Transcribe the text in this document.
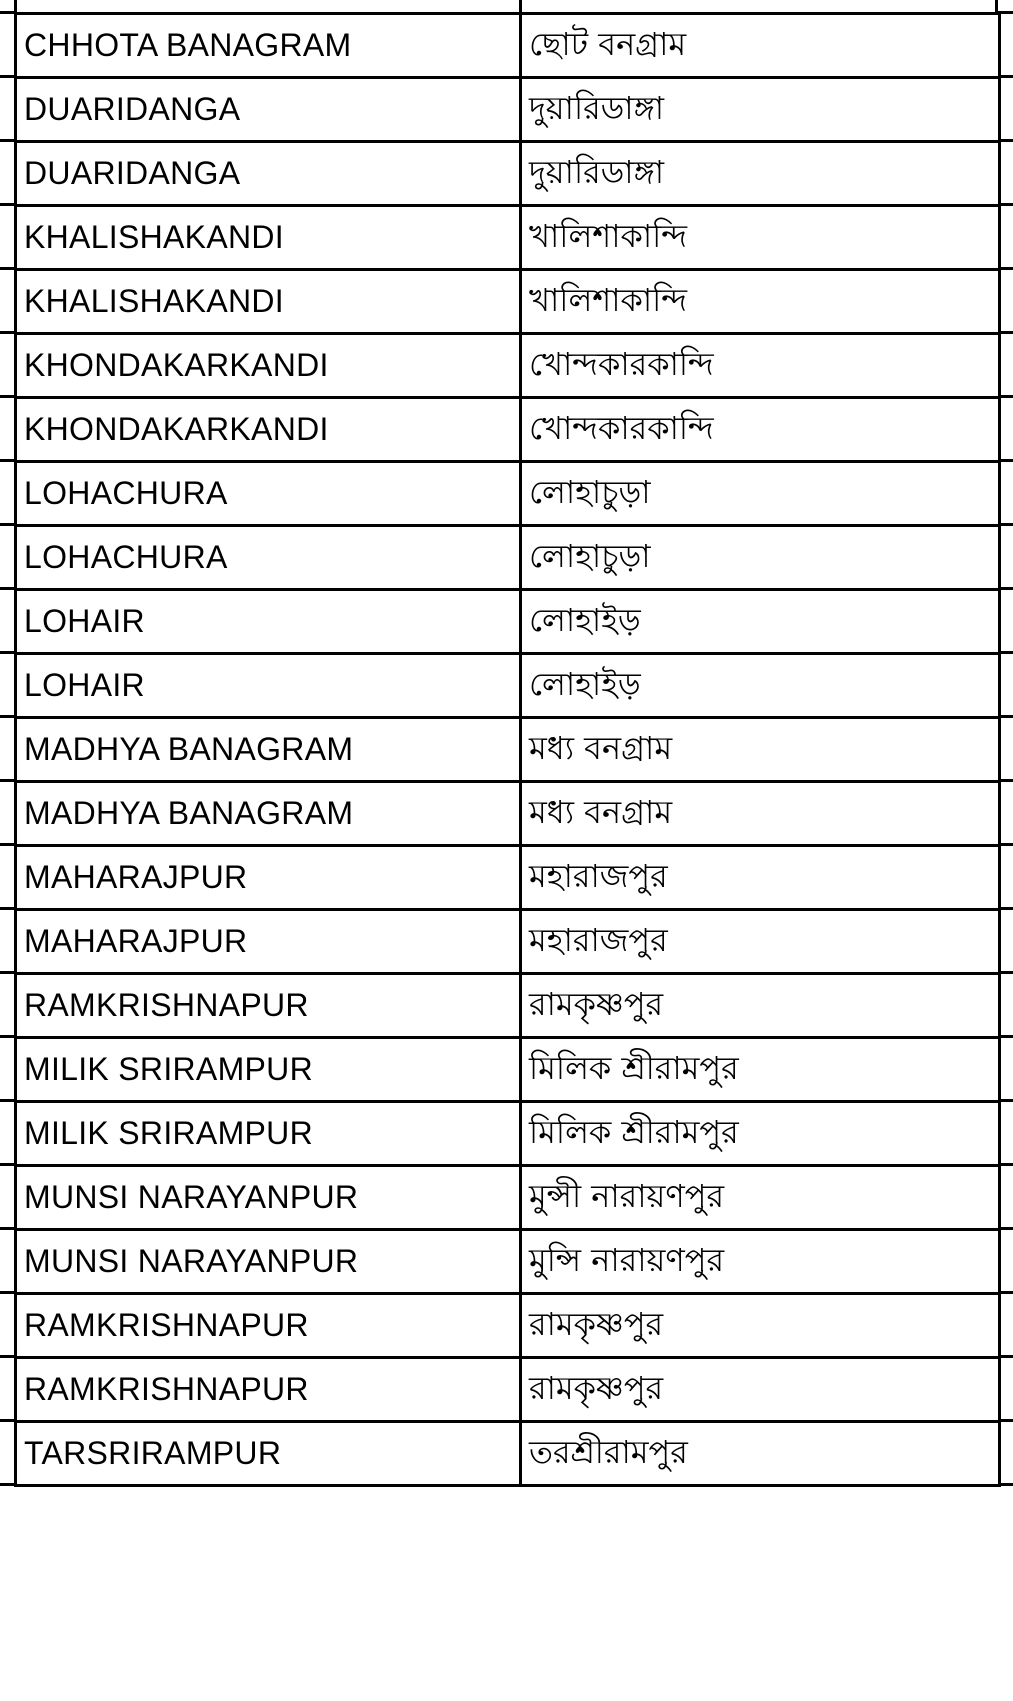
CHHOTA BANAGRAM	ছোট বনগ্রাম
DUARIDANGA	দুয়ারিডাঙ্গা
DUARIDANGA	দুয়ারিডাঙ্গা
KHALISHAKANDI	খালিশাকান্দি
KHALISHAKANDI	খালিশাকান্দি
KHONDAKARKANDI	খোন্দকারকান্দি
KHONDAKARKANDI	খোন্দকারকান্দি
LOHACHURA	লোহাচুড়া
LOHACHURA	লোহাচুড়া
LOHAIR	লোহাইড়
LOHAIR	লোহাইড়
MADHYA BANAGRAM	মধ্য বনগ্রাম
MADHYA BANAGRAM	মধ্য বনগ্রাম
MAHARAJPUR	মহারাজপুর
MAHARAJPUR	মহারাজপুর
RAMKRISHNAPUR	রামকৃষ্ণপুর
MILIK SRIRAMPUR	মিলিক শ্রীরামপুর
MILIK SRIRAMPUR	মিলিক শ্রীরামপুর
MUNSI NARAYANPUR	মুন্সী নারায়ণপুর
MUNSI NARAYANPUR	মুন্সি নারায়ণপুর
RAMKRISHNAPUR	রামকৃষ্ণপুর
RAMKRISHNAPUR	রামকৃষ্ণপুর
TARSRIRAMPUR	তরশ্রীরামপুর
